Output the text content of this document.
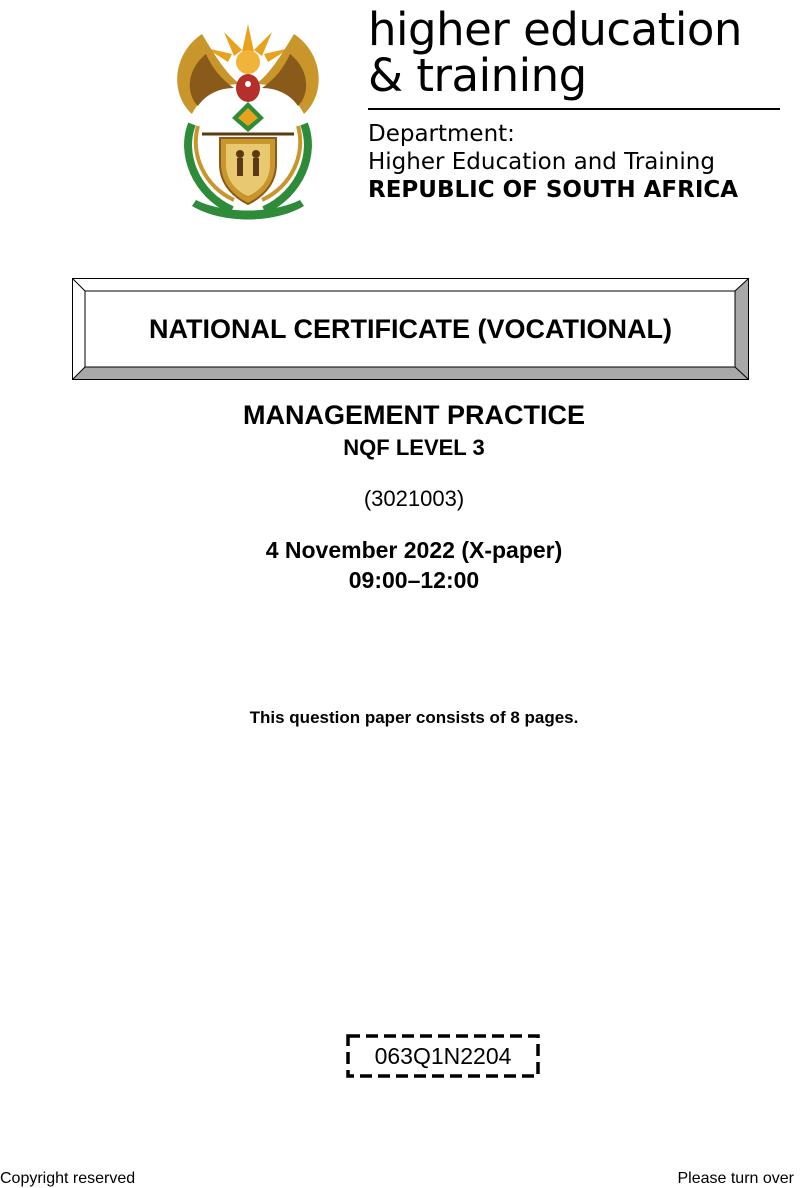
higher education
& training
Department:
Higher Education and Training
REPUBLIC OF SOUTH AFRICA
NATIONAL CERTIFICATE (VOCATIONAL)
MANAGEMENT PRACTICE
NQF LEVEL 3
(3021003)
4 November 2022 (X-paper)
09:00–12:00
This question paper consists of 8 pages.
063Q1N2204
Copyright reserved	Please turn over
